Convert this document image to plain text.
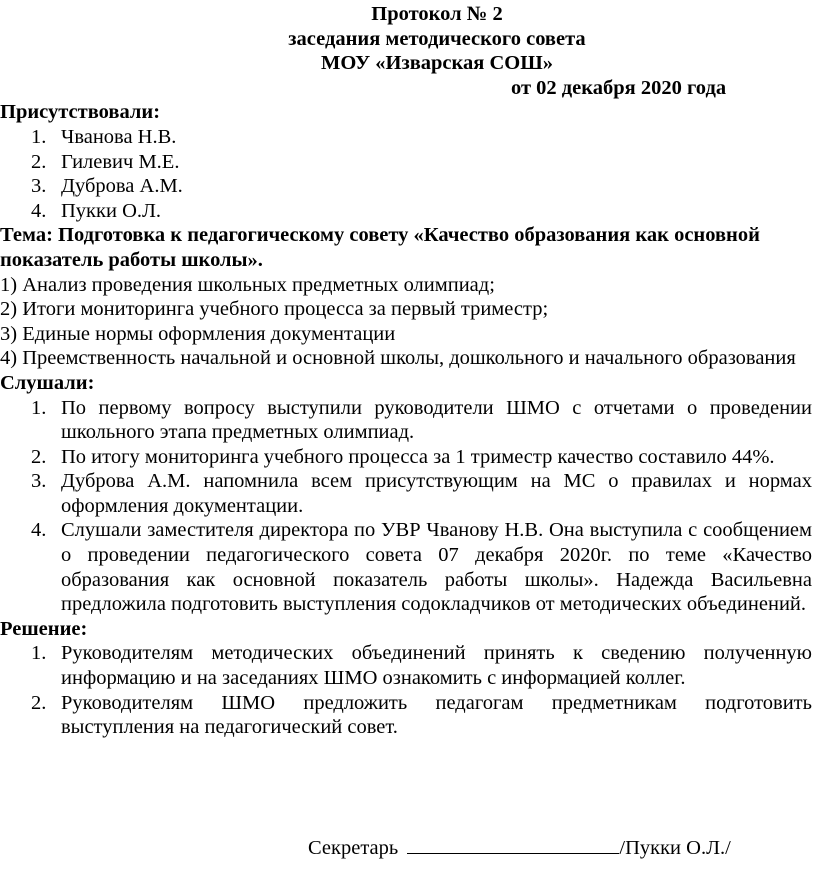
Протокол № 2

заседания методического совета

МОУ «Изварская СОШ»

от 02 декабря 2020 года

Присутствовали:

1. Чванова Н.В.
2. Гилевич М.Е.
3. Дуброва А.М.
4. Пукки О.Л.

Тема: Подготовка к педагогическому совету «Качество образования как основной показатель работы школы».

1) Анализ проведения школьных предметных олимпиад;

2) Итоги мониторинга учебного процесса за первый триместр;

3) Единые нормы оформления документации

4) Преемственность начальной и основной школы, дошкольного и начального образования

Слушали:

1. По первому вопросу выступили руководители ШМО с отчетами о проведении школьного этапа предметных олимпиад.
2. По итогу мониторинга учебного процесса за 1 триместр качество составило 44%.
3. Дуброва А.М. напомнила всем присутствующим на МС о правилах и нормах оформления документации.
4. Слушали заместителя директора по УВР Чванову Н.В. Она выступила с сообщением о проведении педагогического совета 07 декабря 2020г. по теме «Качество образования как основной показатель работы школы». Надежда Васильевна предложила подготовить выступления содокладчиков от методических объединений.

Решение:

1. Руководителям методических объединений принять к сведению полученную информацию и на заседаниях ШМО ознакомить с информацией коллег.
2. Руководителям ШМО предложить педагогам предметникам подготовить выступления на педагогический совет.

Секретарь	/Пукки О.Л./
